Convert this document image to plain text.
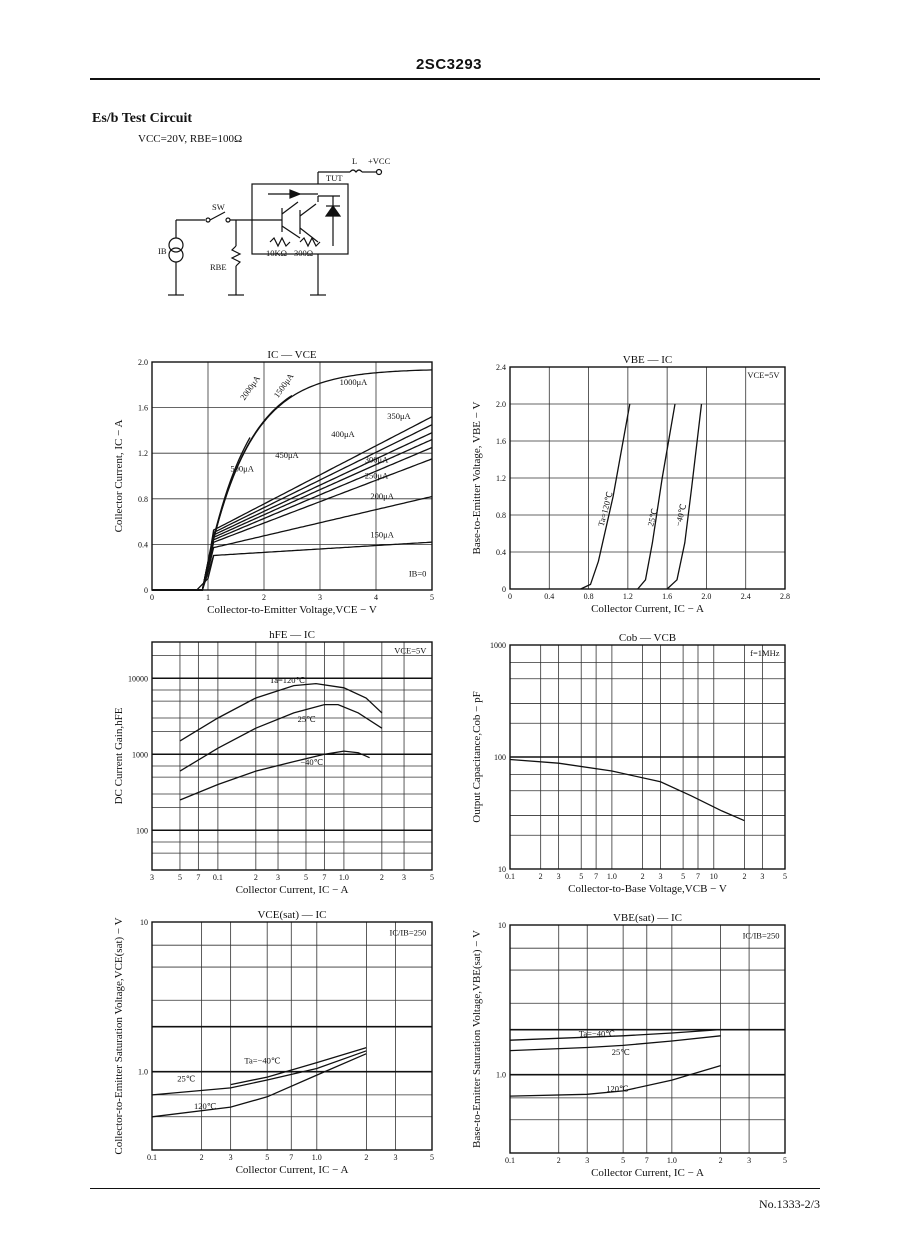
2SC3293
Es/b Test Circuit
VCC=20V, RBE=100Ω
L +VCC
TUT
SW
IB
RBE
10KΩ 300Ω
0	1	2	3	4	5
0
0.4
0.8
1.2
1.6
2.0
IC — VCE
Collector-to-Emitter Voltage,VCE − V
Collector Current, IC − A
IB=0
2000μA 1500μA	1000μA
500μA
450μA
400μA
350μA
300μA
250μA
200μA
150μA
0	0.4	0.8	1.2	1.6	2.0	2.4	2.8
0
0.4
0.8
1.2
1.6
2.0
2.4
VBE — IC
Collector Current, IC − A
Base-to-Emitter Voltage, VBE − V
VCE=5V
Ta=120℃	25℃ −40℃
3	5 7 0.1	2 3	5 7 1.0	2 3	5
100
1000
10000
hFE — IC
Collector Current, IC − A
DC Current Gain,hFE
VCE=5V
Ta=120℃
25℃
−40℃
0.1	2 3 5 7 1.0	2 3 5 7 10	2 3 5
10
100
1000
Cob — VCB
Collector-to-Base Voltage,VCB − V
Output Capacitance,Cob − pF
f=1MHz
0.1	2	3	5	7 1.0	2	3	5
1.0
10
VCE(sat) — IC
Collector Current, IC − A
Collector-to-Emitter Saturation Voltage,VCE(sat) − V	IC/IB=250
Ta=−40℃
25℃
120℃
0.1	2	3	5 7 1.0	2	3	5
1.0
10
VBE(sat) — IC
Collector Current, IC − A
Base-to-Emitter Saturation Voltage,VBE(sat) − V	IC/IB=250
Ta=−40℃
25℃
120℃
No.1333-2/3
